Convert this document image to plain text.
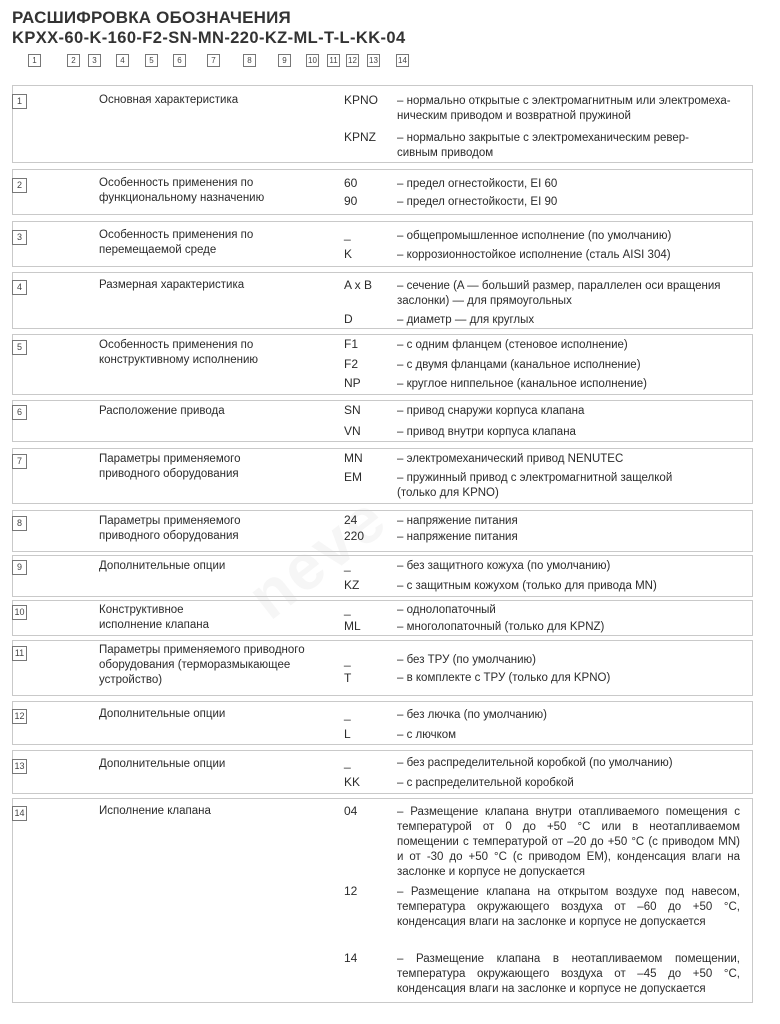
РАСШИФРОВКА ОБОЗНАЧЕНИЯ
KPXX-60-K-160-F2-SN-MN-220-KZ-ML-T-L-KK-04
1	2	3	4	5	6	7	8	9	10 11 12 13	14
1	Основная характеристика	KPNO – нормально открытые с электромагнитным или электромеха-
ническим приводом и возвратной пружиной
KPNZ – нормально закрытые с электромеханическим ревер-
сивным приводом
2	Особенность применения по функциональному назначению
60	– предел огнестойкости, EI 60
90	– предел огнестойкости, EI 90
3	Особенность применения по перемещаемой среде
_	– общепромышленное исполнение (по умолчанию)
K	– коррозионностойкое исполнение (сталь AISI 304)
4	Размерная характеристика	A x B – сечение (A — больший размер, параллелен оси вращения
заслонки) — для прямоугольных
D	– диаметр — для круглых
5	Особенность применения по конструктивному исполнению
F1	– с одним фланцем (стеновое исполнение)
F2	– с двумя фланцами (канальное исполнение)
NP	– круглое ниппельное (канальное исполнение)
6	Расположение привода	SN	– привод снаружи корпуса клапана
VN	– привод внутри корпуса клапана
7	Параметры применяемого приводного оборудования
MN	– электромеханический привод NENUTEC
EM	– пружинный привод с электромагнитной защелкой
(только для KPNO)
8	Параметры применяемого приводного оборудования
24	– напряжение питания
220	– напряжение питания
9	Дополнительные опции	_	– без защитного кожуха (по умолчанию)
KZ	– с защитным кожухом (только для привода MN)
10	Конструктивное исполнение клапана
_	– однолопаточный
ML	– многолопаточный (только для KPNZ)
11	Параметры применяемого приводного оборудования (терморазмыкающее устройство)
_	– без ТРУ (по умолчанию)
T	– в комплекте с ТРУ (только для KPNO)
12	Дополнительные опции	_	– без лючка (по умолчанию)
L	– с лючком
13	Дополнительные опции	_	– без распределительной коробкой (по умолчанию)
KK	– с распределительной коробкой
14	Исполнение клапана	04	– Размещение клапана внутри отапливаемого помещения с температурой от 0 до +50 °С или в неотапливаемом помещении с температурой от –20 до +50 °С (с приводом MN) и от -30 до +50 °С (с приводом EM), конденсация влаги на заслонке и корпусе не допускается
12	– Размещение клапана на открытом воздухе под навесом, температура окружающего воздуха от –60 до +50 °С, конденсация влаги на заслонке и корпусе не допускается
14	– Размещение клапана в неотапливаемом помещении, температура окружающего воздуха от –45 до +50 °С, конденсация влаги на заслонке и корпусе не допускается
